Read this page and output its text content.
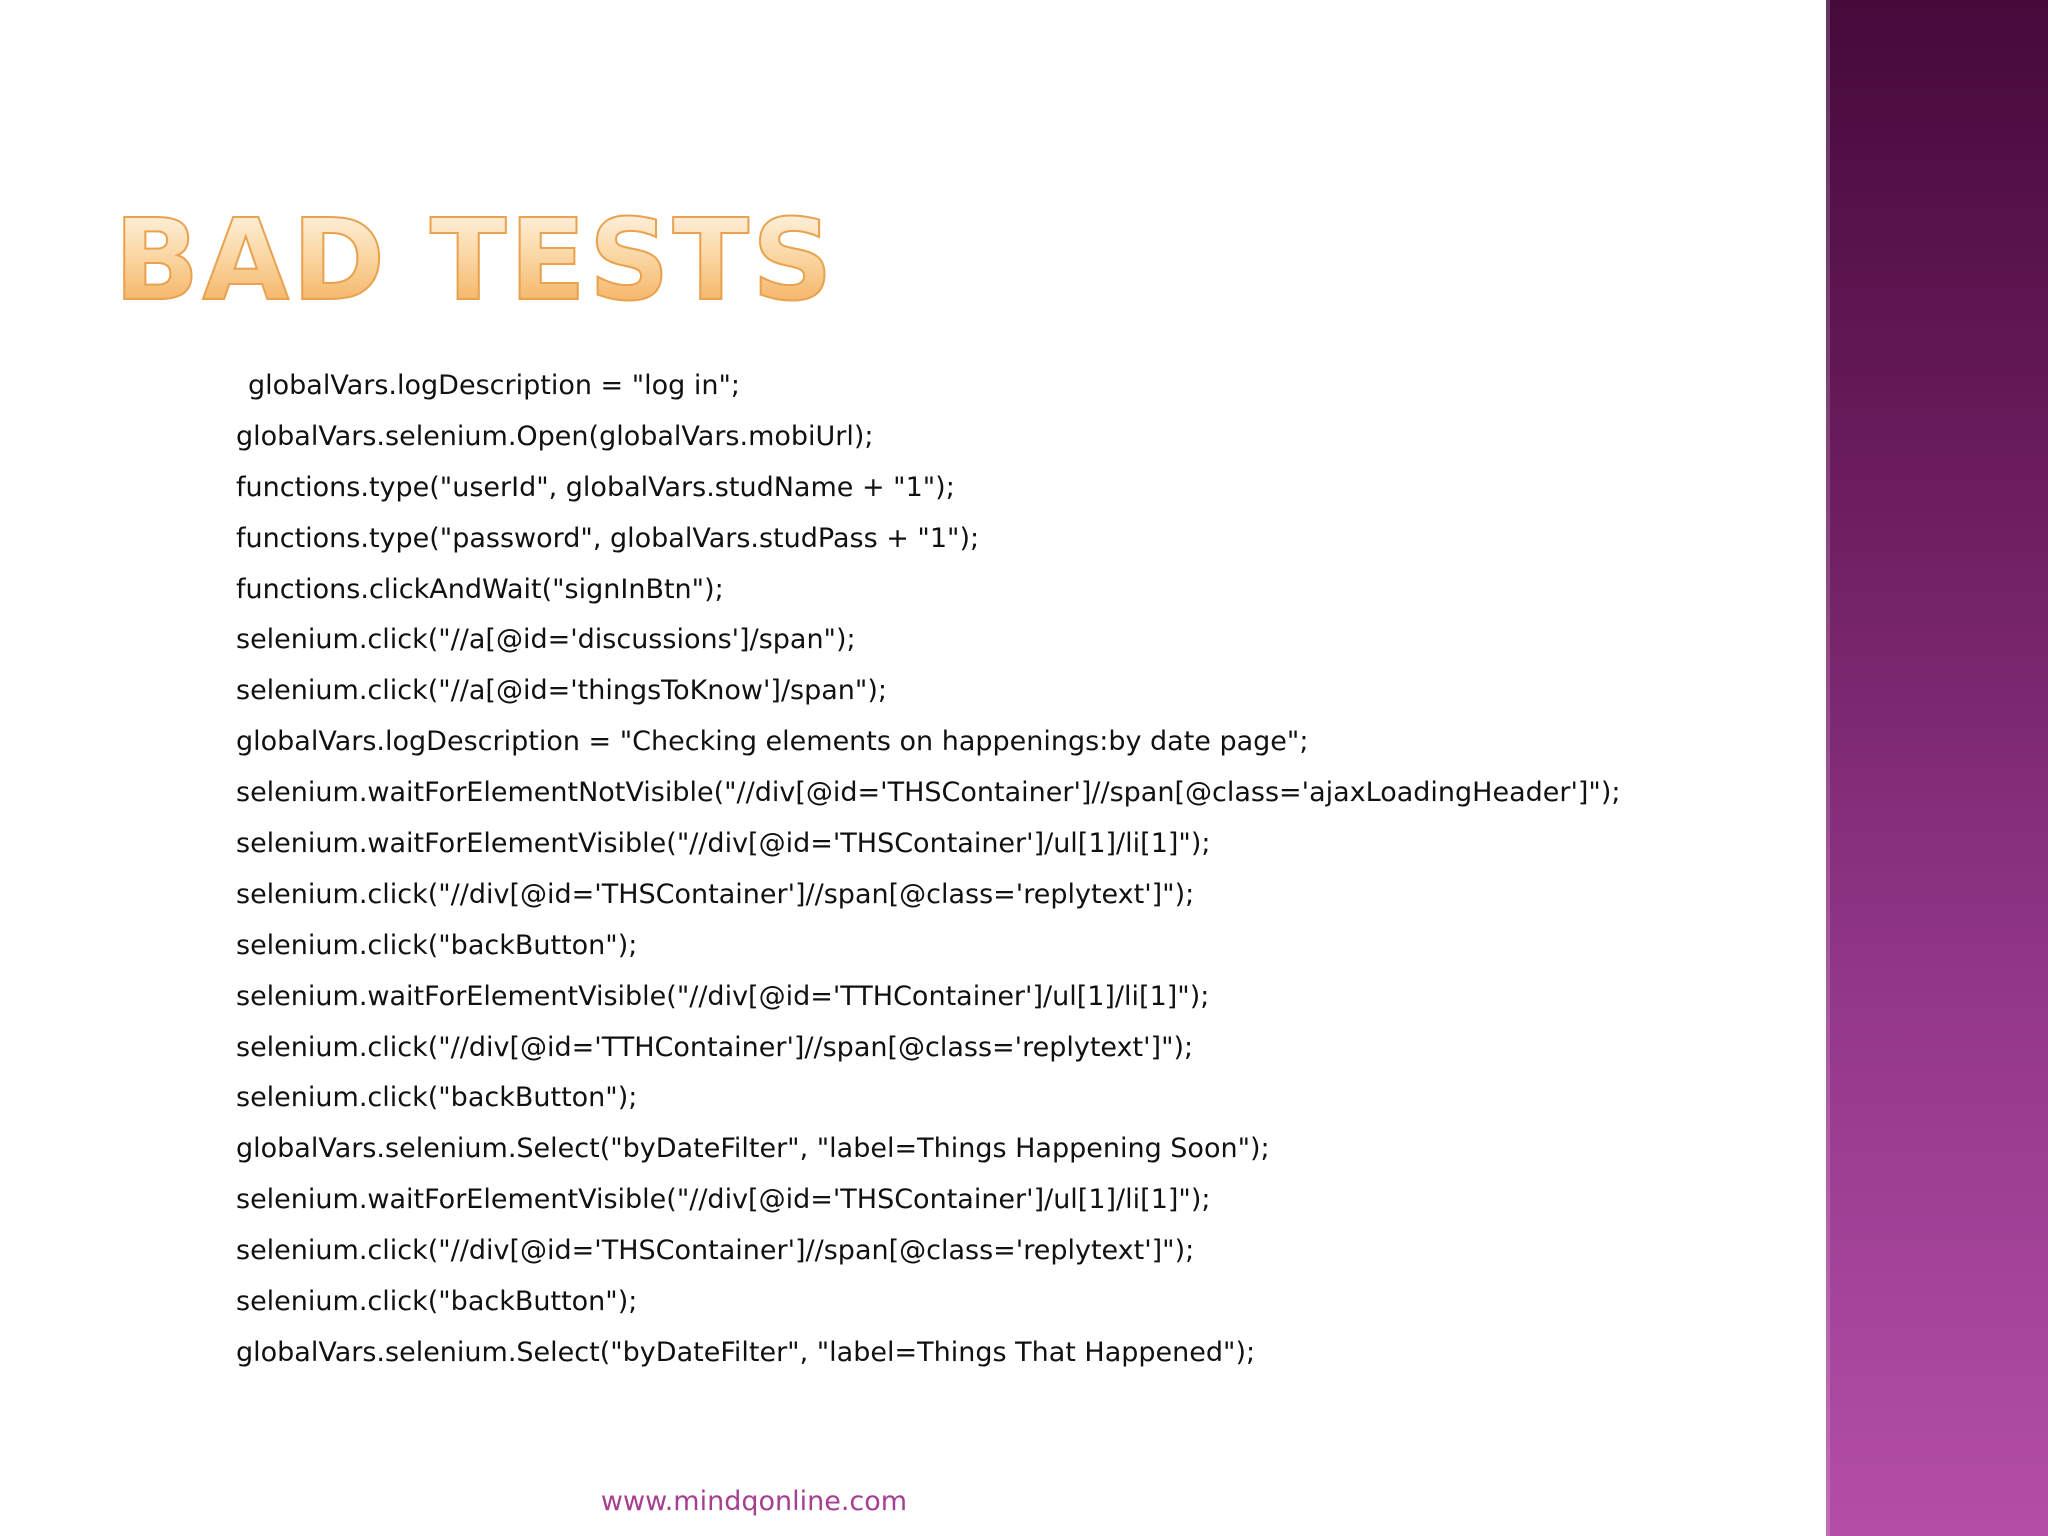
BAD TESTS
globalVars.logDescription = "log in";
globalVars.selenium.Open(globalVars.mobiUrl);
functions.type("userId", globalVars.studName + "1");
functions.type("password", globalVars.studPass + "1");
functions.clickAndWait("signInBtn");
selenium.click("//a[@id='discussions']/span");
selenium.click("//a[@id='thingsToKnow']/span");
globalVars.logDescription = "Checking elements on happenings:by date page";
selenium.waitForElementNotVisible("//div[@id='THSContainer']//span[@class='ajaxLoadingHeader']");
selenium.waitForElementVisible("//div[@id='THSContainer']/ul[1]/li[1]");
selenium.click("//div[@id='THSContainer']//span[@class='replytext']");
selenium.click("backButton");
selenium.waitForElementVisible("//div[@id='TTHContainer']/ul[1]/li[1]");
selenium.click("//div[@id='TTHContainer']//span[@class='replytext']");
selenium.click("backButton");
globalVars.selenium.Select("byDateFilter", "label=Things Happening Soon");
selenium.waitForElementVisible("//div[@id='THSContainer']/ul[1]/li[1]");
selenium.click("//div[@id='THSContainer']//span[@class='replytext']");
selenium.click("backButton");
globalVars.selenium.Select("byDateFilter", "label=Things That Happened");
www.mindqonline.com
